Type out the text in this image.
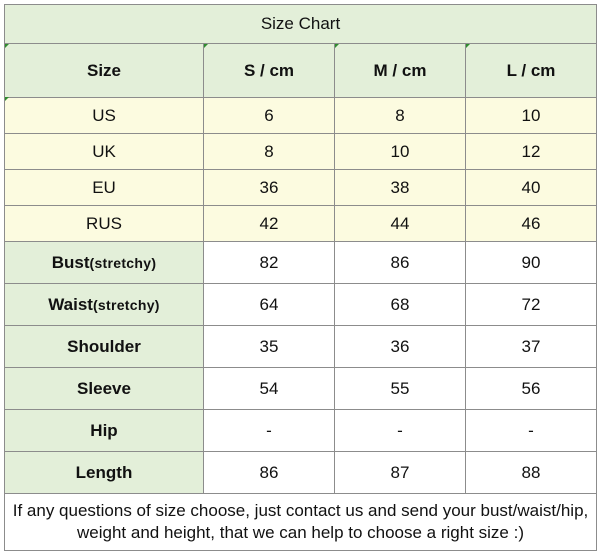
Size Chart			

Size	S / cm	M / cm	L / cm
US	6	8	10
UK	8	10	12
EU	36	38	40
RUS	42	44	46
Bust(stretchy)	82	86	90
Waist(stretchy)	64	68	72
Shoulder	35	36	37
Sleeve	54	55	56
Hip	-	-	-
Length	86	87	88
If any questions of size choose, just contact us and send your bust/waist/hip, weight and height, that we can help to choose a right size :)			
